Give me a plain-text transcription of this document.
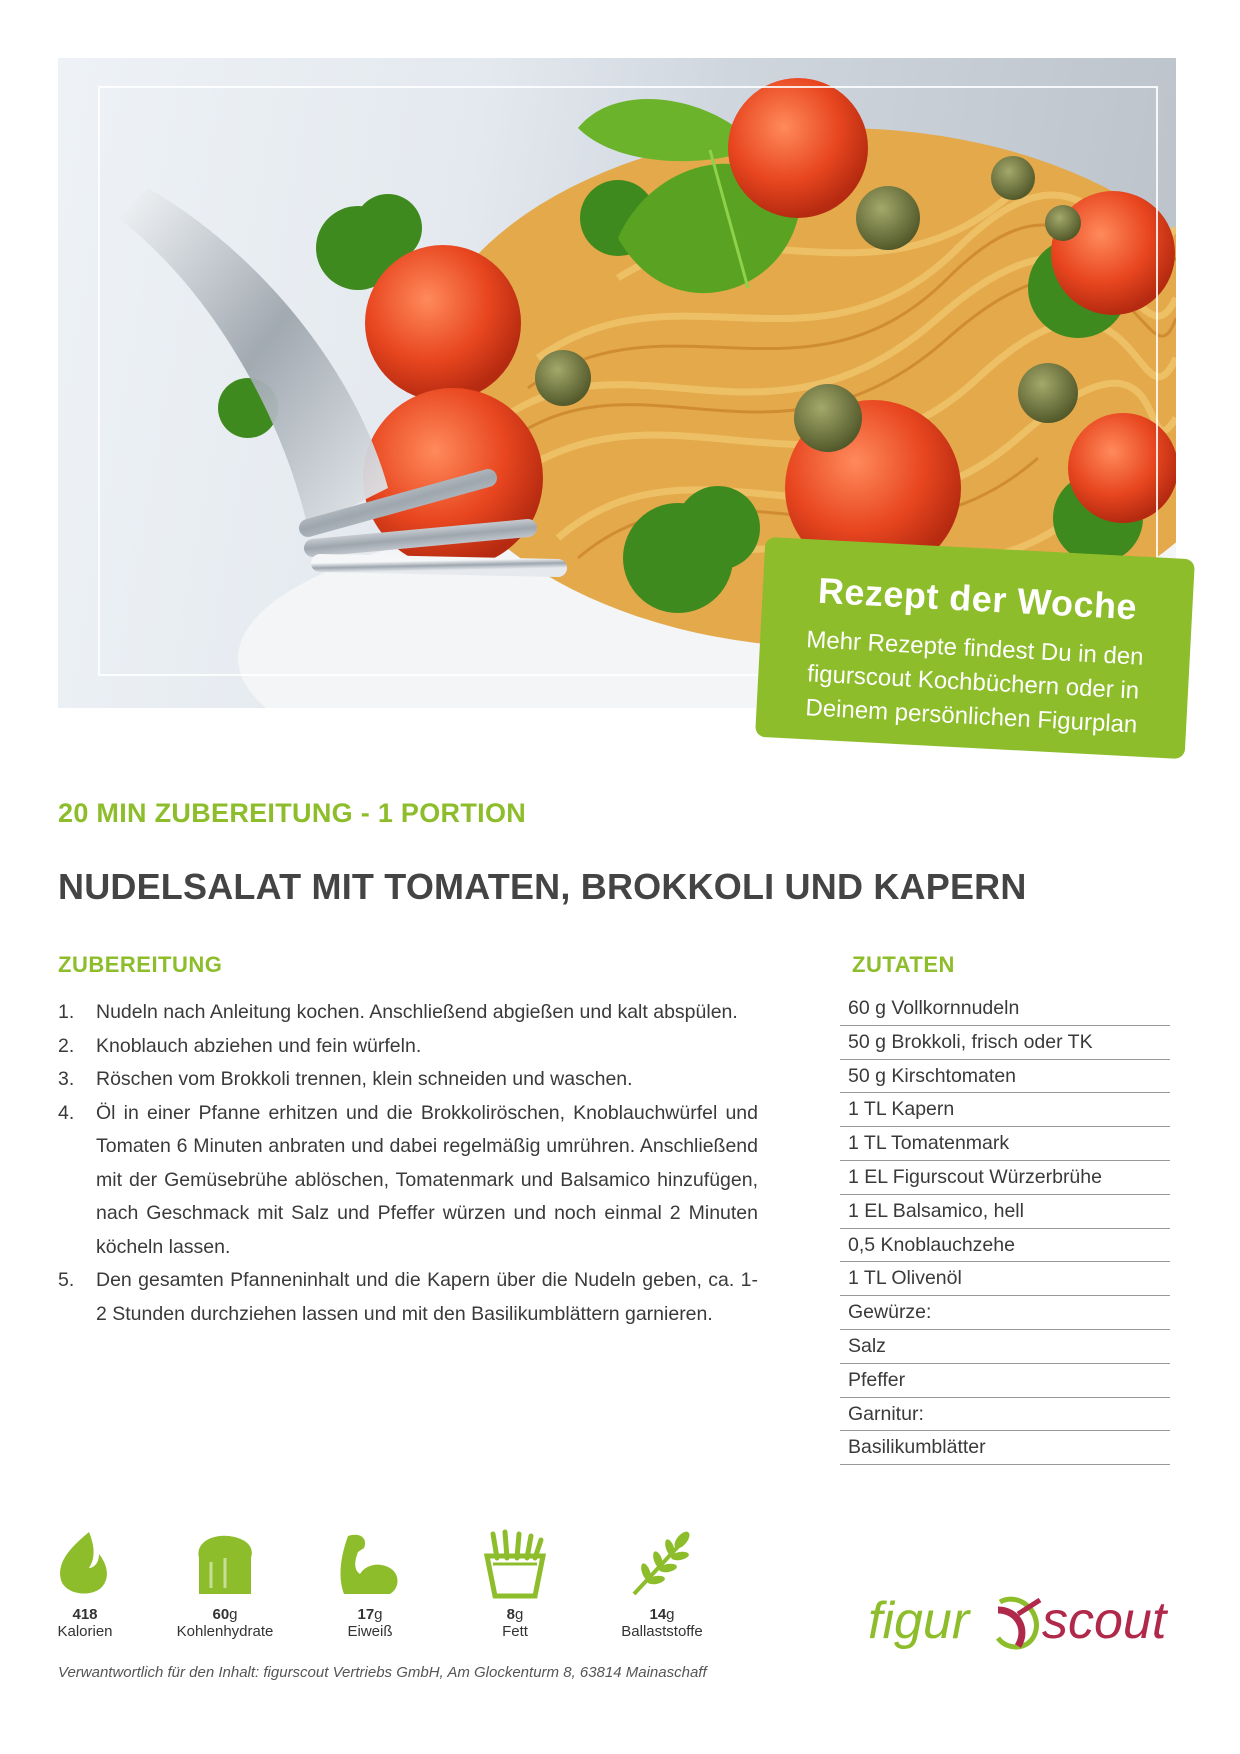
Rezept der Woche
Mehr Rezepte findest Du in den figurscout Kochbüchern oder in Deinem persönlichen Figurplan
20 MIN ZUBEREITUNG - 1 PORTION
NUDELSALAT MIT TOMATEN, BROKKOLI UND KAPERN
ZUBEREITUNG	ZUTATEN
1.	Nudeln nach Anleitung kochen. Anschließend abgießen und kalt abspülen.
2.	Knoblauch abziehen und fein würfeln.
3.	Röschen vom Brokkoli trennen, klein schneiden und waschen.
4.	Öl in einer Pfanne erhitzen und die Brokkoliröschen, Knoblauchwürfel und Tomaten 6 Minuten anbraten und dabei regelmäßig umrühren. Anschließend mit der Gemüsebrühe ablöschen, Tomatenmark und Balsamico hinzufügen, nach Geschmack mit Salz und Pfeffer würzen und noch einmal 2 Minuten köcheln lassen.
5.	Den gesamten Pfanneninhalt und die Kapern über die Nudeln geben, ca. 1-2 Stunden durchziehen lassen und mit den Basilikumblättern garnieren.
60 g Vollkornnudeln
50 g Brokkoli, frisch oder TK
50 g Kirschtomaten
1 TL Kapern
1 TL Tomatenmark
1 EL Figurscout Würzerbrühe
1 EL Balsamico, hell
0,5 Knoblauchzehe
1 TL Olivenöl
Gewürze:
Salz
Pfeffer
Garnitur:
Basilikumblätter
418
Kalorien
60g
Kohlenhydrate
17g
Eiweiß
8g
Fett
14g
Ballaststoffe	figur scout
Verwantwortlich für den Inhalt: figurscout Vertriebs GmbH, Am Glockenturm 8, 63814 Mainaschaff
